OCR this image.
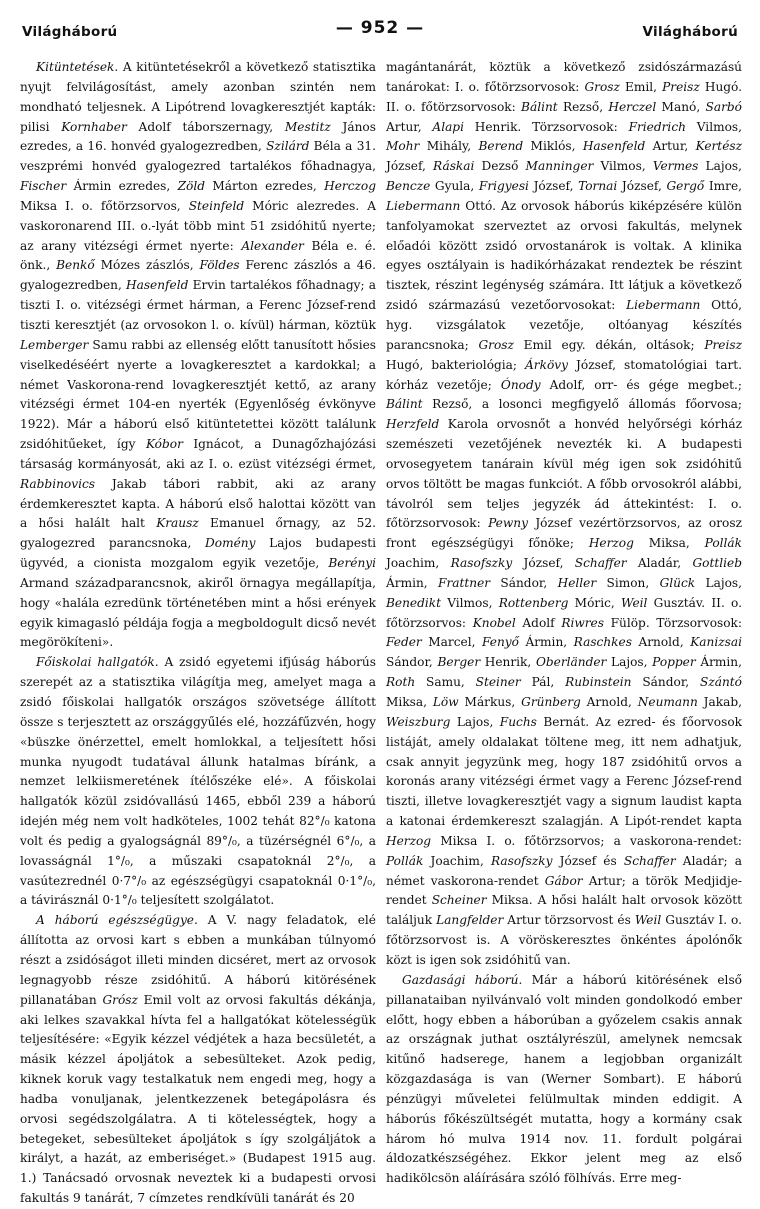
Világháború	— 952 —	Világháború

Kitüntetések. A kitüntetésekről a következő statisztika nyujt felvilágosítást, amely azonban szintén nem mondható teljesnek. A Lipótrend lovagkeresztjét kapták: pilisi Kornhaber Adolf táborszernagy, Mestitz János ezredes, a 16. honvéd gyalogezredben, Szilárd Béla a 31. veszprémi honvéd gyalogezred tartalékos főhadnagya, Fischer Ármin ezredes, Zöld Márton ezredes, Herczog Miksa I. o. főtörzsorvos, Steinfeld Móric alezredes. A vaskoronarend III. o.-lyát több mint 51 zsidóhitű nyerte; az arany vitézségi érmet nyerte: Alexander Béla e. é. önk., Benkő Mózes zászlós, Földes Ferenc zászlós a 46. gyalogezredben, Hasenfeld Ervin tartalékos főhadnagy; a tiszti I. o. vitézségi érmet hárman, a Ferenc József-rend tiszti keresztjét (az orvosokon l. o. kívül) hárman, köztük Lemberger Samu rabbi az ellenség előtt tanusított hősies viselkedéséért nyerte a lovagkeresztet a kardokkal; a német Vaskorona-rend lovagkeresztjét kettő, az arany vitézségi érmet 104-en nyerték (Egyenlőség évkönyve 1922). Már a háború első kitüntetettei között találunk zsidóhitűeket, így Kóbor Ignácot, a Dunagőzhajózási társaság kormányosát, aki az I. o. ezüst vitézségi érmet, Rabbinovics Jakab tábori rabbit, aki az arany érdemkeresztet kapta. A háború első halottai között van a hősi halált halt Krausz Emanuel őrnagy, az 52. gyalogezred parancsnoka, Domény Lajos budapesti ügyvéd, a cionista mozgalom egyik vezetője, Berényi Armand századparancsnok, akiről örnagya megállapítja, hogy «halála ezredünk történetében mint a hősi erények egyik kimagasló példája fogja a megboldogult dicső nevét megörökíteni».

Főiskolai hallgatók. A zsidó egyetemi ifjúság háborús szerepét az a statisztika világítja meg, amelyet maga a zsidó főiskolai hallgatók országos szövetsége állított össze s terjesztett az országgyűlés elé, hozzáfűzvén, hogy «büszke önérzettel, emelt homlokkal, a teljesített hősi munka nyugodt tudatával állunk hatalmas bíránk, a nemzet lelkiismeretének ítélőszéke elé». A főiskolai hallgatók közül zsidóvallású 1465, ebből 239 a háború idején még nem volt hadköteles, 1002 tehát 82°/₀ katona volt és pedig a gyalogságnál 89°/₀, a tüzérségnél 6°/₀, a lovasságnál 1°/₀, a műszaki csapatoknál 2°/₀, a vasútezrednél 0·7°/₀ az egészségügyi csapatoknál 0·1°/₀, a távirásznál 0·1°/₀ teljesített szolgálatot.

A háború egészségügye. A V. nagy feladatok, elé állította az orvosi kart s ebben a munkában túlnyomó részt a zsidóságot illeti minden dicséret, mert az orvosok legnagyobb része zsidóhitű. A háború kitörésének pillanatában Grósz Emil volt az orvosi fakultás dékánja, aki lelkes szavakkal hívta fel a hallgatókat kötelességük teljesítésére: «Egyik kézzel védjétek a haza becsületét, a másik kézzel ápoljátok a sebesülteket. Azok pedig, kiknek koruk vagy testalkatuk nem engedi meg, hogy a hadba vonuljanak, jelentkezzenek betegápolásra és orvosi segédszolgálatra. A ti kötelességtek, hogy a betegeket, sebesülteket ápoljátok s így szolgáljátok a királyt, a hazát, az emberiséget.» (Budapest 1915 aug. 1.) Tanácsadó orvosnak neveztek ki a budapesti orvosi fakultás 9 tanárát, 7 címzetes rendkívüli tanárát és 20

magántanárát, köztük a következő zsidószármazású tanárokat: I. o. főtörzsorvosok: Grosz Emil, Preisz Hugó. II. o. főtörzsorvosok: Bálint Rezső, Herczel Manó, Sarbó Artur, Alapi Henrik. Törzsorvosok: Friedrich Vilmos, Mohr Mihály, Berend Miklós, Hasenfeld Artur, Kertész József, Ráskai Dezső Manninger Vilmos, Vermes Lajos, Bencze Gyula, Frigyesi József, Tornai József, Gergő Imre, Liebermann Ottó. Az orvosok háborús kiképzésére külön tanfolyamokat szerveztet az orvosi fakultás, melynek előadói között zsidó orvostanárok is voltak. A klinika egyes osztályain is hadikórházakat rendeztek be részint tisztek, részint legénység számára. Itt látjuk a következő zsidó származású vezetőorvosokat: Liebermann Ottó, hyg. vizsgálatok vezetője, oltóanyag készítés parancsnoka; Grosz Emil egy. dékán, oltások; Preisz Hugó, bakteriológia; Árkövy József, stomatológiai tart. kórház vezetője; Ónody Adolf, orr- és gége megbet.; Bálint Rezső, a losonci megfigyelő állomás főorvosa; Herzfeld Karola orvosnőt a honvéd helyőrségi kórház szemészeti vezetőjének nevezték ki. A budapesti orvosegyetem tanárain kívül még igen sok zsidóhitű orvos töltött be magas funkciót. A főbb orvosokról alábbi, távolról sem teljes jegyzék ád áttekintést: I. o. főtörzsorvosok: Pewny József vezértörzsorvos, az orosz front egészségügyi főnöke; Herzog Miksa, Pollák Joachim, Rasofszky József, Schaffer Aladár, Gottlieb Ármin, Frattner Sándor, Heller Simon, Glück Lajos, Benedikt Vilmos, Rottenberg Móric, Weil Gusztáv. II. o. főtörzsorvos: Knobel Adolf Riwres Fülöp. Törzsorvosok: Feder Marcel, Fenyő Ármin, Raschkes Arnold, Kanizsai Sándor, Berger Henrik, Oberländer Lajos, Popper Ármin, Roth Samu, Steiner Pál, Rubinstein Sándor, Szántó Miksa, Löw Márkus, Grünberg Arnold, Neumann Jakab, Weiszburg Lajos, Fuchs Bernát. Az ezred- és főorvosok listáját, amely oldalakat töltene meg, itt nem adhatjuk, csak annyit jegyzünk meg, hogy 187 zsidóhitű orvos a koronás arany vitézségi érmet vagy a Ferenc József-rend tiszti, illetve lovagkeresztjét vagy a signum laudist kapta a katonai érdemkereszt szalagján. A Lipót-rendet kapta Herzog Miksa I. o. főtörzsorvos; a vaskorona-rendet: Pollák Joachim, Rasofszky József és Schaffer Aladár; a német vaskorona-rendet Gábor Artur; a török Medjidje-rendet Scheiner Miksa. A hősi halált halt orvosok között találjuk Langfelder Artur törzsorvost és Weil Gusztáv I. o. főtörzsorvost is. A vöröskeresztes önkéntes ápolónők közt is igen sok zsidóhitű van.

Gazdasági háború. Már a háború kitörésének első pillanataiban nyilvánvaló volt minden gondolkodó ember előtt, hogy ebben a háborúban a győzelem csakis annak az országnak juthat osztályrészül, amelynek nemcsak kitűnő hadserege, hanem a legjobban organizált közgazdasága is van (Werner Sombart). E háború pénzügyi műveletei felülmultak minden eddigit. A háborús főkészültségét mutatta, hogy a kormány csak három hó mulva 1914 nov. 11. fordult polgárai áldozatkészségéhez. Ekkor jelent meg az első hadikölcsön aláírására szóló fölhívás. Erre meg-
